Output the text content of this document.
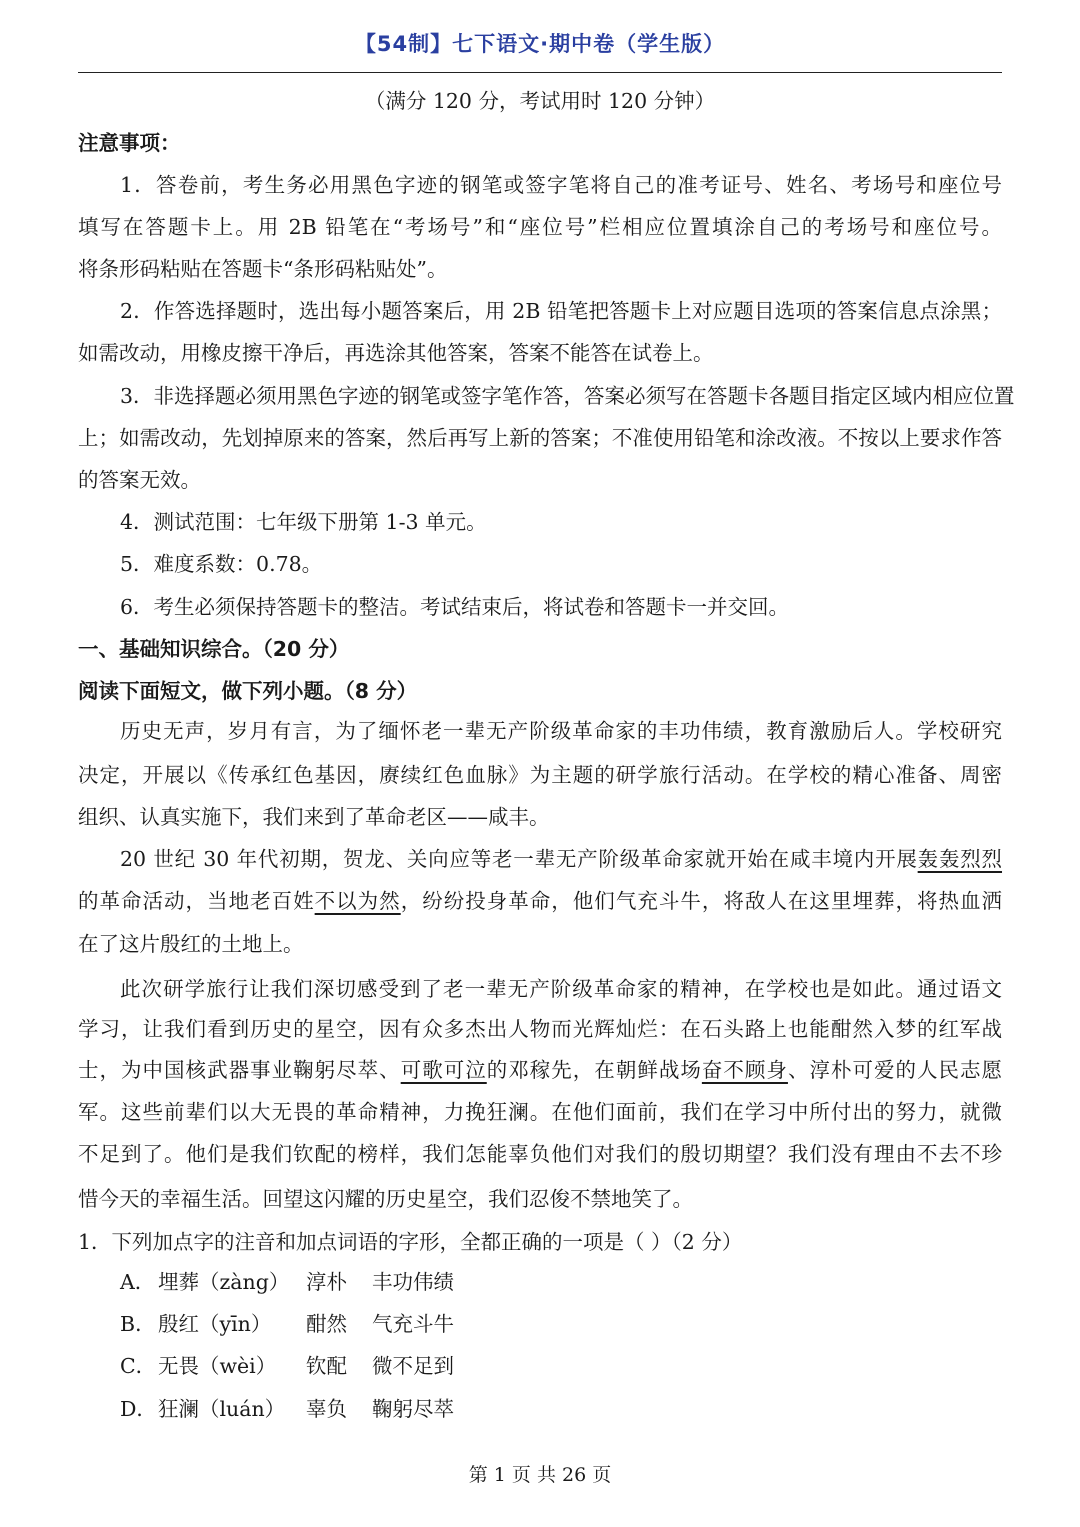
【54制】七下语文·期中卷（学生版）
（满分 120 分，考试用时 120 分钟）
注意事项：
1．答卷前，考生务必用黑色字迹的钢笔或签字笔将自己的准考证号、姓名、考场号和座位号
填写在答题卡上。用 2B 铅笔在“考场号”和“座位号”栏相应位置填涂自己的考场号和座位号。
将条形码粘贴在答题卡“条形码粘贴处”。
2．作答选择题时，选出每小题答案后，用 2B 铅笔把答题卡上对应题目选项的答案信息点涂黑；
如需改动，用橡皮擦干净后，再选涂其他答案，答案不能答在试卷上。
3．非选择题必须用黑色字迹的钢笔或签字笔作答，答案必须写在答题卡各题目指定区域内相应位置
上；如需改动，先划掉原来的答案，然后再写上新的答案；不准使用铅笔和涂改液。不按以上要求作答
的答案无效。
4．测试范围：七年级下册第 1-3 单元。
5．难度系数：0.78。
6．考生必须保持答题卡的整洁。考试结束后，将试卷和答题卡一并交回。
一、基础知识综合。（20 分）
阅读下面短文，做下列小题。（8 分）
历史无声，岁月有言，为了缅怀老一辈无产阶级革命家的丰功伟绩，教育激励后人。学校研究
决定，开展以《传承红色基因，赓续红色血脉》为主题的研学旅行活动。在学校的精心准备、周密
组织、认真实施下，我们来到了革命老区——咸丰。
20 世纪 30 年代初期，贺龙、关向应等老一辈无产阶级革命家就开始在咸丰境内开展轰轰烈烈
的革命活动，当地老百姓不以为然，纷纷投身革命，他们气充斗牛，将敌人在这里埋葬，将热血洒
在了这片殷红的土地上。
此次研学旅行让我们深切感受到了老一辈无产阶级革命家的精神，在学校也是如此。通过语文
学习，让我们看到历史的星空，因有众多杰出人物而光辉灿烂：在石头路上也能酣然入梦的红军战
士，为中国核武器事业鞠躬尽萃、可歌可泣的邓稼先，在朝鲜战场奋不顾身、淳朴可爱的人民志愿
军。这些前辈们以大无畏的革命精神，力挽狂澜。在他们面前，我们在学习中所付出的努力，就微
不足到了。他们是我们钦配的榜样，我们怎能辜负他们对我们的殷切期望？我们没有理由不去不珍
惜今天的幸福生活。回望这闪耀的历史星空，我们忍俊不禁地笑了。
1．下列加点字的注音和加点词语的字形，全都正确的一项是（ ）（2 分）
A． 埋葬（zàng） 淳朴 丰功伟绩
B． 殷红（yīn） 酣然 气充斗牛
C．无畏（wèi） 钦配 微不足到
D．狂澜（luán） 辜负 鞠躬尽萃
第 1 页 共 26 页
